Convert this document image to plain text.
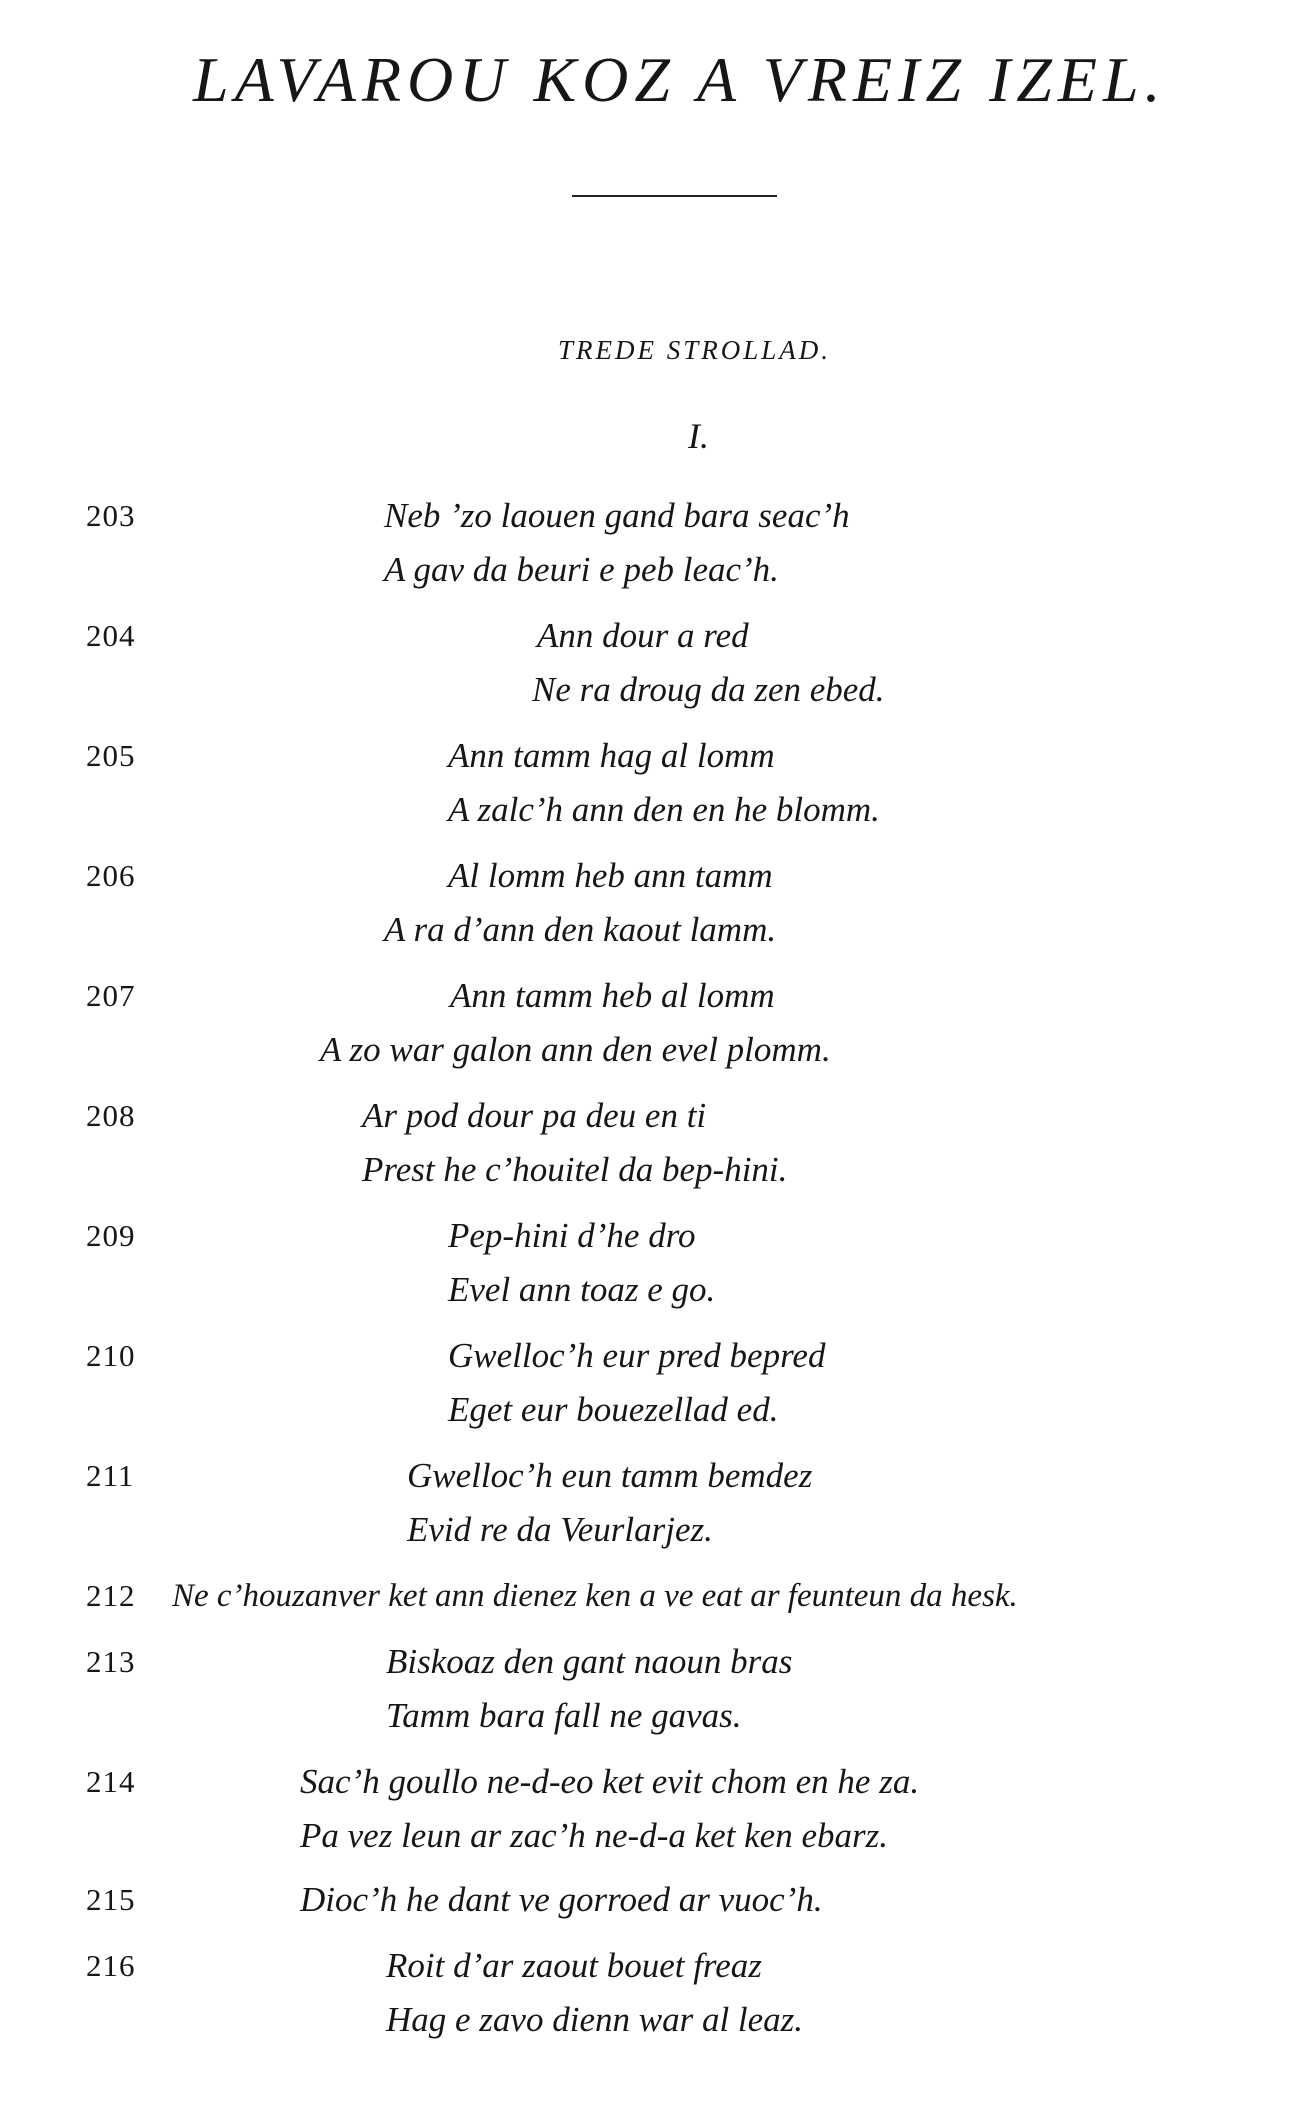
LAVAROU KOZ A VREIZ IZEL.
TREDE STROLLAD.
I.
203	Neb ’zo laouen gand bara seac’h
A gav da beuri e peb leac’h.
204	Ann dour a red
Ne ra droug da zen ebed.
205	Ann tamm hag al lomm
A zalc’h ann den en he blomm.
206	Al lomm heb ann tamm
A ra d’ann den kaout lamm.
207	Ann tamm heb al lomm
A zo war galon ann den evel plomm.
208	Ar pod dour pa deu en ti
Prest he c’houitel da bep-hini.
209	Pep-hini d’he dro
Evel ann toaz e go.
210	Gwelloc’h eur pred bepred
Eget eur bouezellad ed.
211	Gwelloc’h eun tamm bemdez
Evid re da Veurlarjez.
212 Ne c’houzanver ket ann dienez ken a ve eat ar feunteun da hesk.
213	Biskoaz den gant naoun bras
Tamm bara fall ne gavas.
214	Sac’h goullo ne-d-eo ket evit chom en he za.
Pa vez leun ar zac’h ne-d-a ket ken ebarz.
215	Dioc’h he dant ve gorroed ar vuoc’h.
216	Roit d’ar zaout bouet freaz
Hag e zavo dienn war al leaz.
